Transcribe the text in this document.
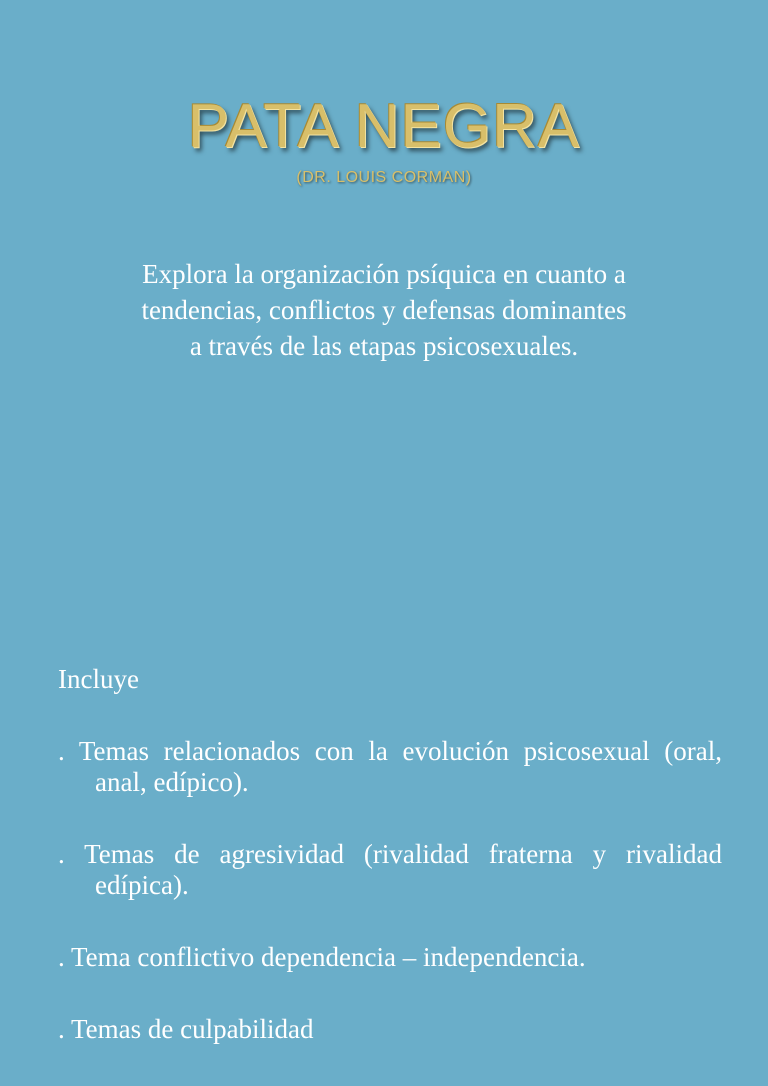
PATA NEGRA
(DR. LOUIS CORMAN)

Explora la organización psíquica en cuanto a tendencias, conflictos y defensas dominantes a través de las etapas psicosexuales.

Incluye

. Temas relacionados con la evolución psicosexual (oral, anal, edípico).

. Temas de agresividad (rivalidad fraterna y rivalidad edípica).

. Tema conflictivo dependencia – independencia.

. Temas de culpabilidad
